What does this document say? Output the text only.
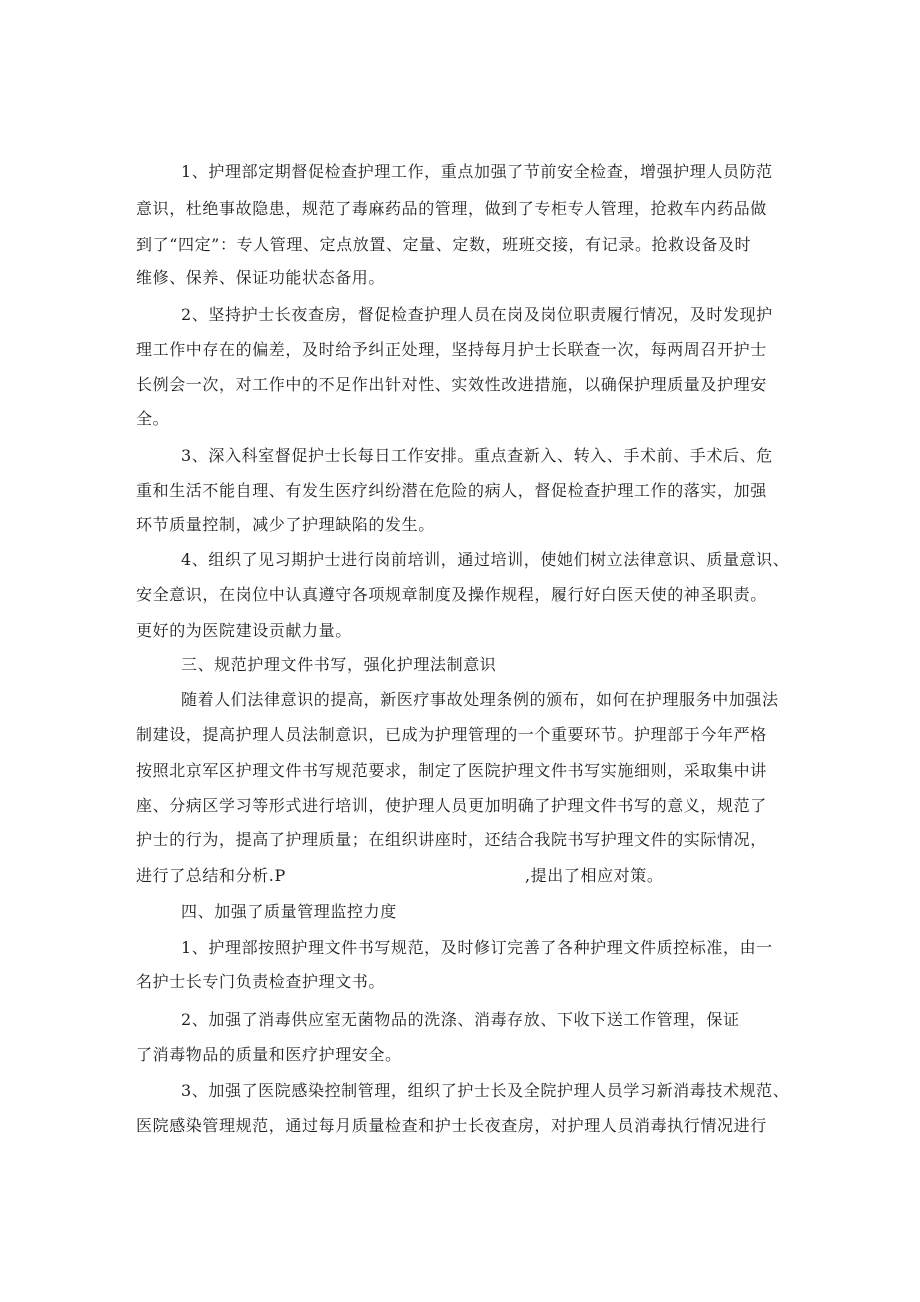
1、护理部定期督促检查护理工作，重点加强了节前安全检查，增强护理人员防范
意识，杜绝事故隐患，规范了毒麻药品的管理，做到了专柜专人管理，抢救车内药品做
到了“四定”：专人管理、定点放置、定量、定数，班班交接，有记录。抢救设备及时
维修、保养、保证功能状态备用。
2、坚持护士长夜查房，督促检查护理人员在岗及岗位职责履行情况，及时发现护
理工作中存在的偏差，及时给予纠正处理，坚持每月护士长联查一次，每两周召开护士
长例会一次，对工作中的不足作出针对性、实效性改进措施，以确保护理质量及护理安
全。
3、深入科室督促护士长每日工作安排。重点查新入、转入、手术前、手术后、危
重和生活不能自理、有发生医疗纠纷潜在危险的病人，督促检查护理工作的落实，加强
环节质量控制，减少了护理缺陷的发生。
4、组织了见习期护士进行岗前培训，通过培训，使她们树立法律意识、质量意识、
安全意识，在岗位中认真遵守各项规章制度及操作规程，履行好白医天使的神圣职责。
更好的为医院建设贡献力量。
三、规范护理文件书写，强化护理法制意识
随着人们法律意识的提高，新医疗事故处理条例的颁布，如何在护理服务中加强法
制建设，提高护理人员法制意识，已成为护理管理的一个重要环节。护理部于今年严格
按照北京军区护理文件书写规范要求，制定了医院护理文件书写实施细则，采取集中讲
座、分病区学习等形式进行培训，使护理人员更加明确了护理文件书写的意义，规范了
护士的行为，提高了护理质量；在组织讲座时，还结合我院书写护理文件的实际情况，
进行了总结和分析.P	,提出了相应对策。
四、加强了质量管理监控力度
1、护理部按照护理文件书写规范，及时修订完善了各种护理文件质控标准，由一
名护士长专门负责检查护理文书。
2、加强了消毒供应室无菌物品的洗涤、消毒存放、下收下送工作管理，保证
了消毒物品的质量和医疗护理安全。
3、加强了医院感染控制管理，组织了护士长及全院护理人员学习新消毒技术规范、
医院感染管理规范，通过每月质量检查和护士长夜查房，对护理人员消毒执行情况进行
